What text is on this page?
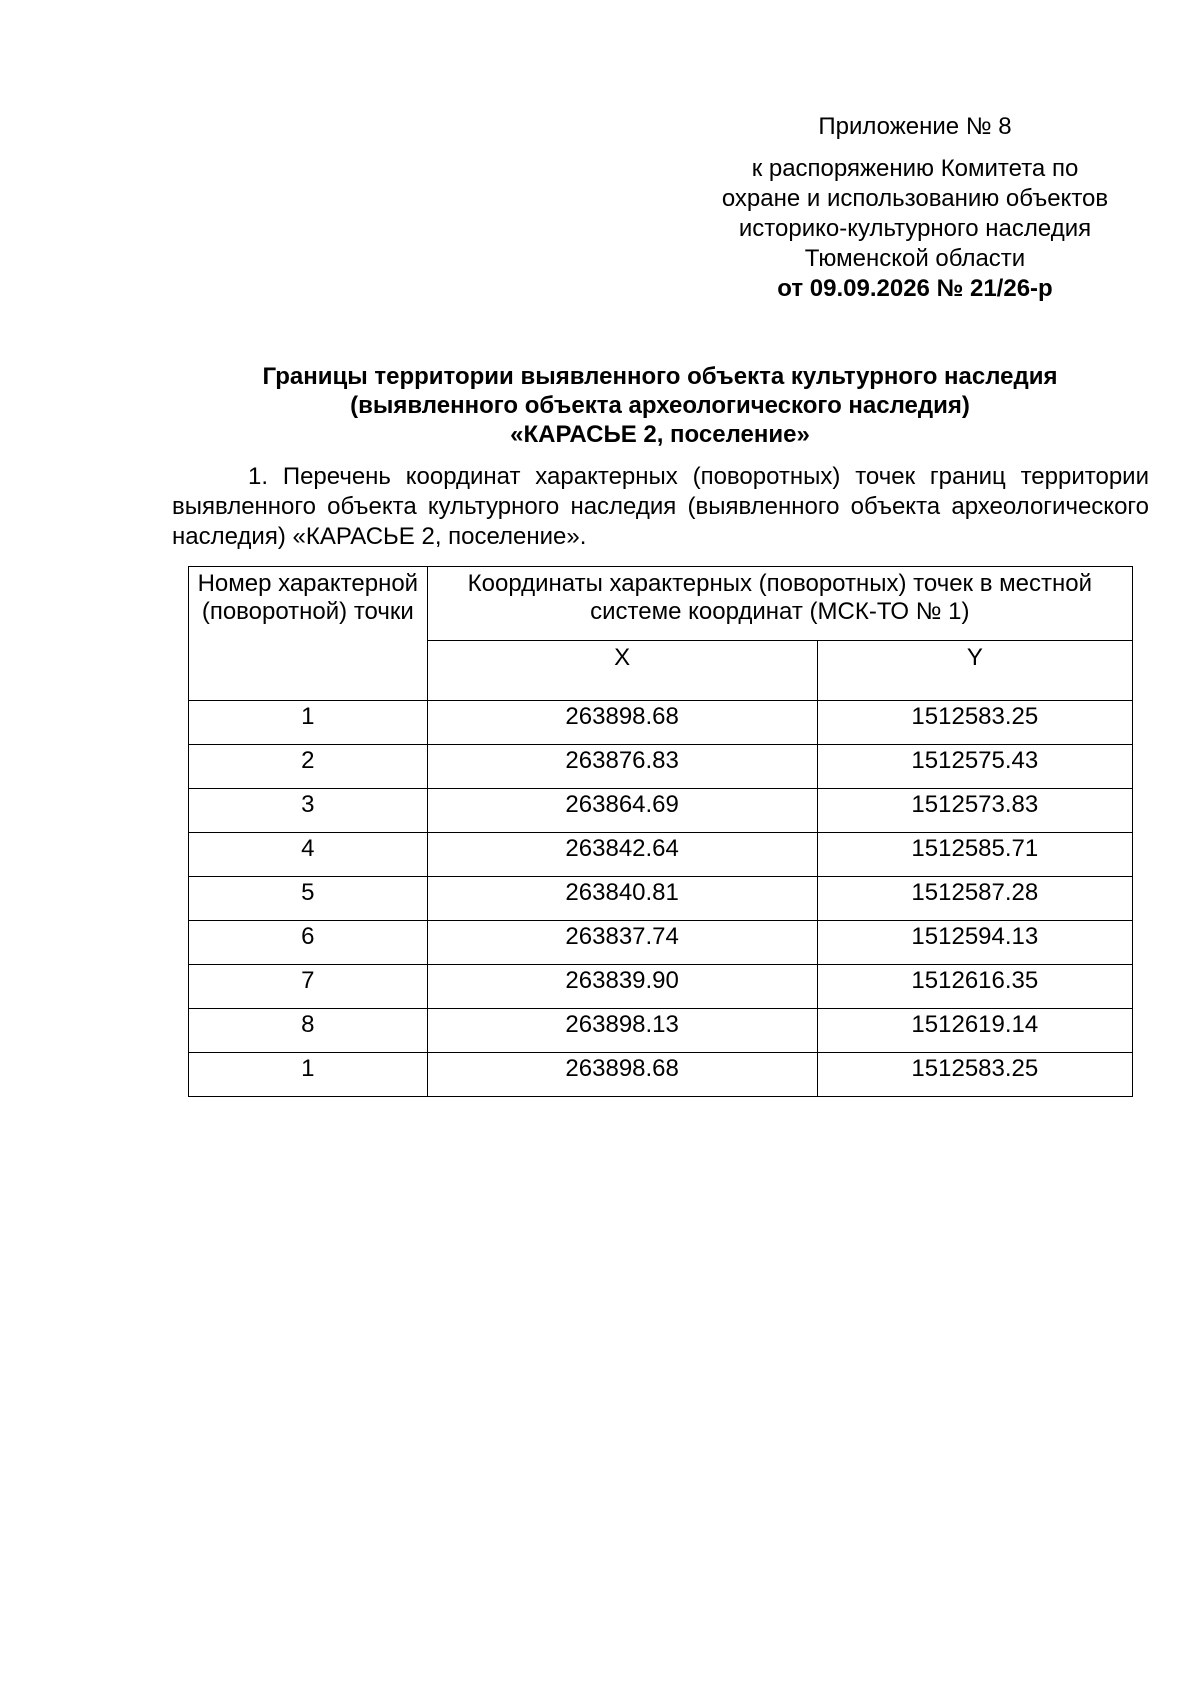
Приложение № 8
к распоряжению Комитета по
охране и использованию объектов
историко-культурного наследия
Тюменской области
от 09.09.2026 № 21/26-р
Границы территории выявленного объекта культурного наследия
(выявленного объекта археологического наследия)
«КАРАСЬЕ 2, поселение»
1. Перечень координат характерных (поворотных) точек границ территории выявленного объекта культурного наследия (выявленного объекта археологического наследия) «КАРАСЬЕ 2, поселение».
Номер характерной (поворотной) точки	Координаты характерных (поворотных) точек в местной системе координат (МСК-ТО № 1)	
	X	Y
1	263898.68	1512583.25
2	263876.83	1512575.43
3	263864.69	1512573.83
4	263842.64	1512585.71
5	263840.81	1512587.28
6	263837.74	1512594.13
7	263839.90	1512616.35
8	263898.13	1512619.14
1	263898.68	1512583.25
